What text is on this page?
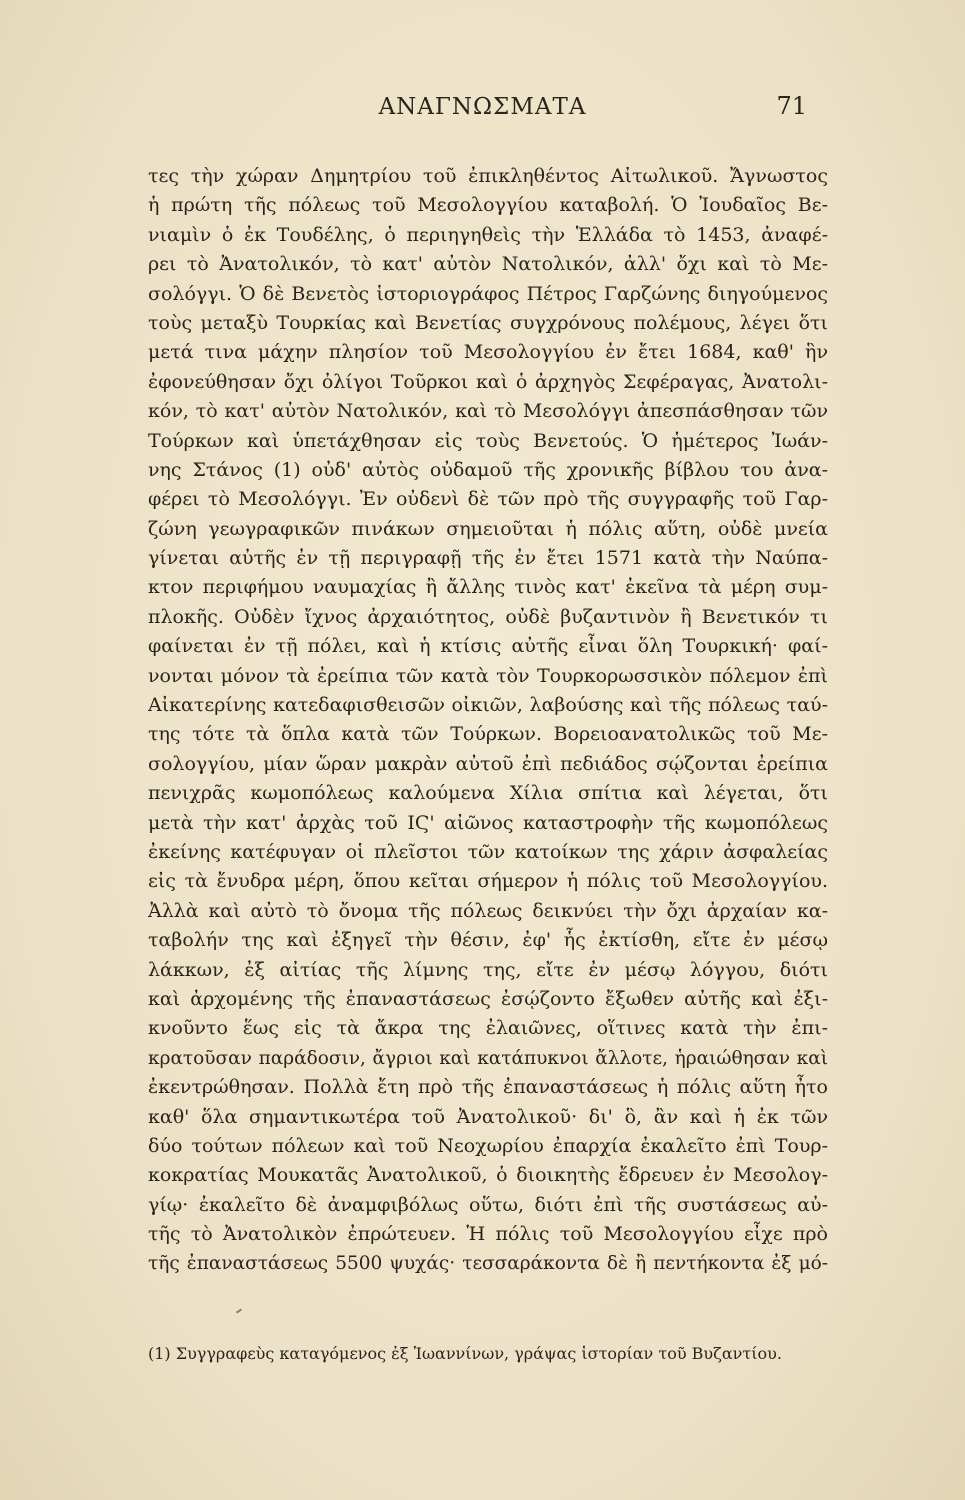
ΑΝΑΓΝΩΣΜΑΤΑ	71
τες τὴν χώραν Δημητρίου τοῦ ἐπικληθέντος Αἰτωλικοῦ. Ἄγνωστος
ἡ πρώτη τῆς πόλεως τοῦ Μεσολογγίου καταβολή. Ὁ Ἰουδαῖος Βε-
νιαμὶν ὁ ἐκ Τουδέλης, ὁ περιηγηθεὶς τὴν Ἑλλάδα τὸ 1453, ἀναφέ-
ρει τὸ Ἀνατολικόν, τὸ κατ' αὐτὸν Νατολικόν, ἀλλ' ὄχι καὶ τὸ Με-
σολόγγι. Ὁ δὲ Βενετὸς ἱστοριογράφος Πέτρος Γαρζώνης διηγούμενος
τοὺς μεταξὺ Τουρκίας καὶ Βενετίας συγχρόνους πολέμους, λέγει ὅτι
μετά τινα μάχην πλησίον τοῦ Μεσολογγίου ἐν ἔτει 1684, καθ' ἣν
ἐφονεύθησαν ὄχι ὀλίγοι Τοῦρκοι καὶ ὁ ἀρχηγὸς Σεφέραγας, Ἀνατολι-
κόν, τὸ κατ' αὐτὸν Νατολικόν, καὶ τὸ Μεσολόγγι ἀπεσπάσθησαν τῶν
Τούρκων καὶ ὑπετάχθησαν εἰς τοὺς Βενετούς. Ὁ ἡμέτερος Ἰωάν-
νης Στάνος (1) οὐδ' αὐτὸς οὐδαμοῦ τῆς χρονικῆς βίβλου του ἀνα-
φέρει τὸ Μεσολόγγι. Ἐν οὐδενὶ δὲ τῶν πρὸ τῆς συγγραφῆς τοῦ Γαρ-
ζώνη γεωγραφικῶν πινάκων σημειοῦται ἡ πόλις αὕτη, οὐδὲ μνεία
γίνεται αὐτῆς ἐν τῇ περιγραφῇ τῆς ἐν ἔτει 1571 κατὰ τὴν Ναύπα-
κτον περιφήμου ναυμαχίας ἢ ἄλλης τινὸς κατ' ἐκεῖνα τὰ μέρη συμ-
πλοκῆς. Οὐδὲν ἴχνος ἀρχαιότητος, οὐδὲ βυζαντινὸν ἢ Βενετικόν τι
φαίνεται ἐν τῇ πόλει, καὶ ἡ κτίσις αὐτῆς εἶναι ὅλη Τουρκική· φαί-
νονται μόνον τὰ ἐρείπια τῶν κατὰ τὸν Τουρκορωσσικὸν πόλεμον ἐπὶ
Αἰκατερίνης κατεδαφισθεισῶν οἰκιῶν, λαβούσης καὶ τῆς πόλεως ταύ-
της τότε τὰ ὅπλα κατὰ τῶν Τούρκων. Βορειοανατολικῶς τοῦ Με-
σολογγίου, μίαν ὥραν μακρὰν αὐτοῦ ἐπὶ πεδιάδος σῴζονται ἐρείπια
πενιχρᾶς κωμοπόλεως καλούμενα Χίλια σπίτια καὶ λέγεται, ὅτι
μετὰ τὴν κατ' ἀρχὰς τοῦ ΙϚ' αἰῶνος καταστροφὴν τῆς κωμοπόλεως
ἐκείνης κατέφυγαν οἱ πλεῖστοι τῶν κατοίκων της χάριν ἀσφαλείας
εἰς τὰ ἔνυδρα μέρη, ὅπου κεῖται σήμερον ἡ πόλις τοῦ Μεσολογγίου.
Ἀλλὰ καὶ αὐτὸ τὸ ὄνομα τῆς πόλεως δεικνύει τὴν ὄχι ἀρχαίαν κα-
ταβολήν της καὶ ἐξηγεῖ τὴν θέσιν, ἐφ' ἧς ἐκτίσθη, εἴτε ἐν μέσῳ
λάκκων, ἐξ αἰτίας τῆς λίμνης της, εἴτε ἐν μέσῳ λόγγου, διότι
καὶ ἀρχομένης τῆς ἐπαναστάσεως ἐσῴζοντο ἔξωθεν αὐτῆς καὶ ἐξι-
κνοῦντο ἕως εἰς τὰ ἄκρα της ἐλαιῶνες, οἵτινες κατὰ τὴν ἐπι-
κρατοῦσαν παράδοσιν, ἄγριοι καὶ κατάπυκνοι ἄλλοτε, ἡραιώθησαν καὶ
ἐκεντρώθησαν. Πολλὰ ἔτη πρὸ τῆς ἐπαναστάσεως ἡ πόλις αὕτη ἦτο
καθ' ὅλα σημαντικωτέρα τοῦ Ἀνατολικοῦ· δι' ὃ, ἂν καὶ ἡ ἐκ τῶν
δύο τούτων πόλεων καὶ τοῦ Νεοχωρίου ἐπαρχία ἐκαλεῖτο ἐπὶ Τουρ-
κοκρατίας Μουκατᾶς Ἀνατολικοῦ, ὁ διοικητὴς ἔδρευεν ἐν Μεσολογ-
γίῳ· ἐκαλεῖτο δὲ ἀναμφιβόλως οὕτω, διότι ἐπὶ τῆς συστάσεως αὐ-
τῆς τὸ Ἀνατολικὸν ἐπρώτευεν. Ἡ πόλις τοῦ Μεσολογγίου εἶχε πρὸ
τῆς ἐπαναστάσεως 5500 ψυχάς· τεσσαράκοντα δὲ ἢ πεντήκοντα ἐξ μό-
(1) Συγγραφεὺς καταγόμενος ἐξ Ἰωαννίνων, γράψας ἱστορίαν τοῦ Βυζαντίου.
